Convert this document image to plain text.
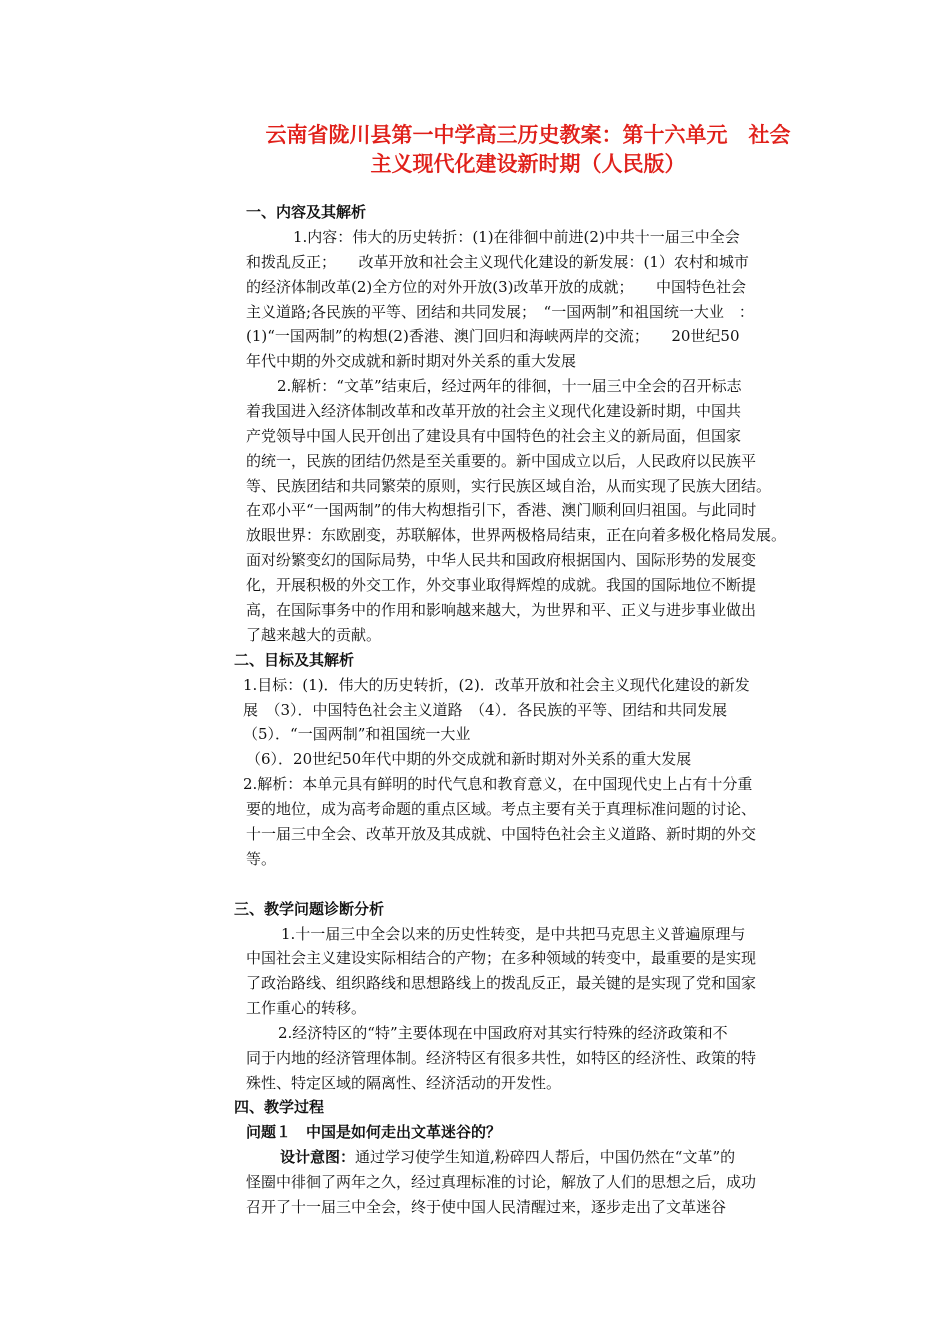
云南省陇川县第一中学高三历史教案：第十六单元　社会
主义现代化建设新时期（人民版）
一、内容及其解析
1.内容：伟大的历史转折：(1)在徘徊中前进(2)中共十一届三中全会
和拨乱反正；　　改革开放和社会主义现代化建设的新发展：(1）农村和城市
的经济体制改革(2)全方位的对外开放(3)改革开放的成就；　　中国特色社会
主义道路;各民族的平等、团结和共同发展；　“一国两制”和祖国统一大业　：
(1)“一国两制”的构想(2)香港、澳门回归和海峡两岸的交流；　　20世纪50
年代中期的外交成就和新时期对外关系的重大发展
2.解析：“文革”结束后，经过两年的徘徊，十一届三中全会的召开标志
着我国进入经济体制改革和改革开放的社会主义现代化建设新时期，中国共
产党领导中国人民开创出了建设具有中国特色的社会主义的新局面，但国家
的统一，民族的团结仍然是至关重要的。新中国成立以后，人民政府以民族平
等、民族团结和共同繁荣的原则，实行民族区域自治，从而实现了民族大团结。
在邓小平“一国两制”的伟大构想指引下，香港、澳门顺利回归祖国。与此同时
放眼世界：东欧剧变，苏联解体，世界两极格局结束，正在向着多极化格局发展。
面对纷繁变幻的国际局势，中华人民共和国政府根据国内、国际形势的发展变
化，开展积极的外交工作，外交事业取得辉煌的成就。我国的国际地位不断提
高，在国际事务中的作用和影响越来越大，为世界和平、正义与进步事业做出
了越来越大的贡献。
二、目标及其解析
1.目标：(1)．伟大的历史转折，(2)．改革开放和社会主义现代化建设的新发
展　（3）．中国特色社会主义道路　（4）．各民族的平等、团结和共同发展
（5）．“一国两制”和祖国统一大业
（6）．20世纪50年代中期的外交成就和新时期对外关系的重大发展
2.解析：本单元具有鲜明的时代气息和教育意义，在中国现代史上占有十分重
要的地位，成为高考命题的重点区域。考点主要有关于真理标准问题的讨论、
十一届三中全会、改革开放及其成就、中国特色社会主义道路、新时期的外交
等。
三、教学问题诊断分析
1.十一届三中全会以来的历史性转变，是中共把马克思主义普遍原理与
中国社会主义建设实际相结合的产物；在多种领域的转变中，最重要的是实现
了政治路线、组织路线和思想路线上的拨乱反正，最关键的是实现了党和国家
工作重心的转移。
2.经济特区的“特”主要体现在中国政府对其实行特殊的经济政策和不
同于内地的经济管理体制。经济特区有很多共性，如特区的经济性、政策的特
殊性、特定区域的隔离性、经济活动的开发性。
四、教学过程
问题１　中国是如何走出文革迷谷的？
设计意图：通过学习使学生知道,粉碎四人帮后，中国仍然在“文革”的
怪圈中徘徊了两年之久，经过真理标准的讨论，解放了人们的思想之后，成功
召开了十一届三中全会，终于使中国人民清醒过来，逐步走出了文革迷谷
